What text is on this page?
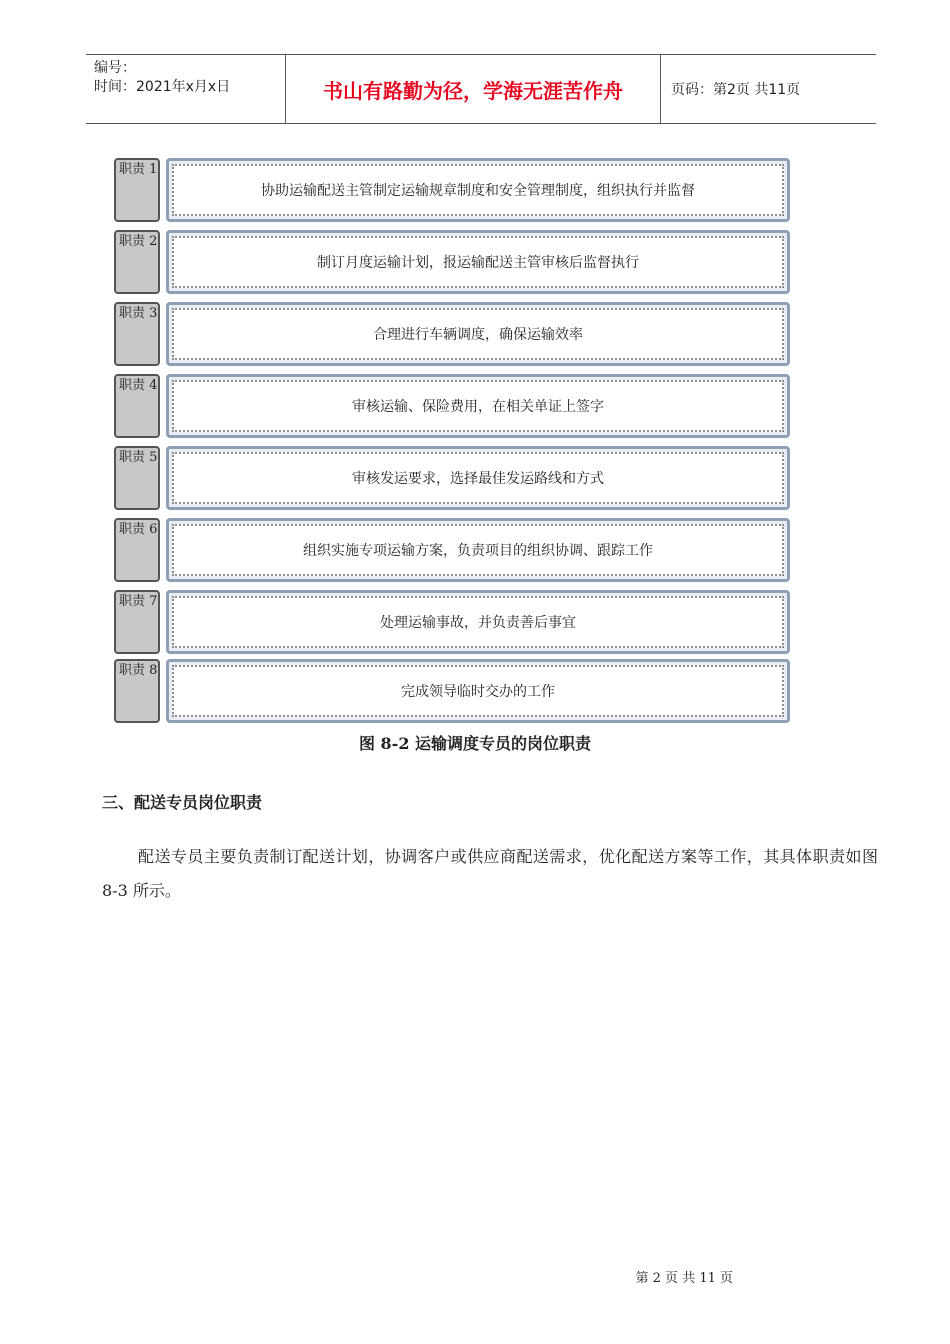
编号：
时间：2021年x月x日	书山有路勤为径，学海无涯苦作舟	页码：第2页 共11页
职责 1
协助运输配送主管制定运输规章制度和安全管理制度，组织执行并监督
职责 2
制订月度运输计划，报运输配送主管审核后监督执行
职责 3
合理进行车辆调度，确保运输效率
职责 4
审核运输、保险费用，在相关单证上签字
职责 5
审核发运要求，选择最佳发运路线和方式
职责 6
组织实施专项运输方案，负责项目的组织协调、跟踪工作
职责 7
处理运输事故，并负责善后事宜
职责 8
完成领导临时交办的工作
图 8-2 运输调度专员的岗位职责
三、配送专员岗位职责
配送专员主要负责制订配送计划，协调客户或供应商配送需求，优化配送方案等工作，其具体职责如图 8-3 所示。
第 2 页 共 11 页
